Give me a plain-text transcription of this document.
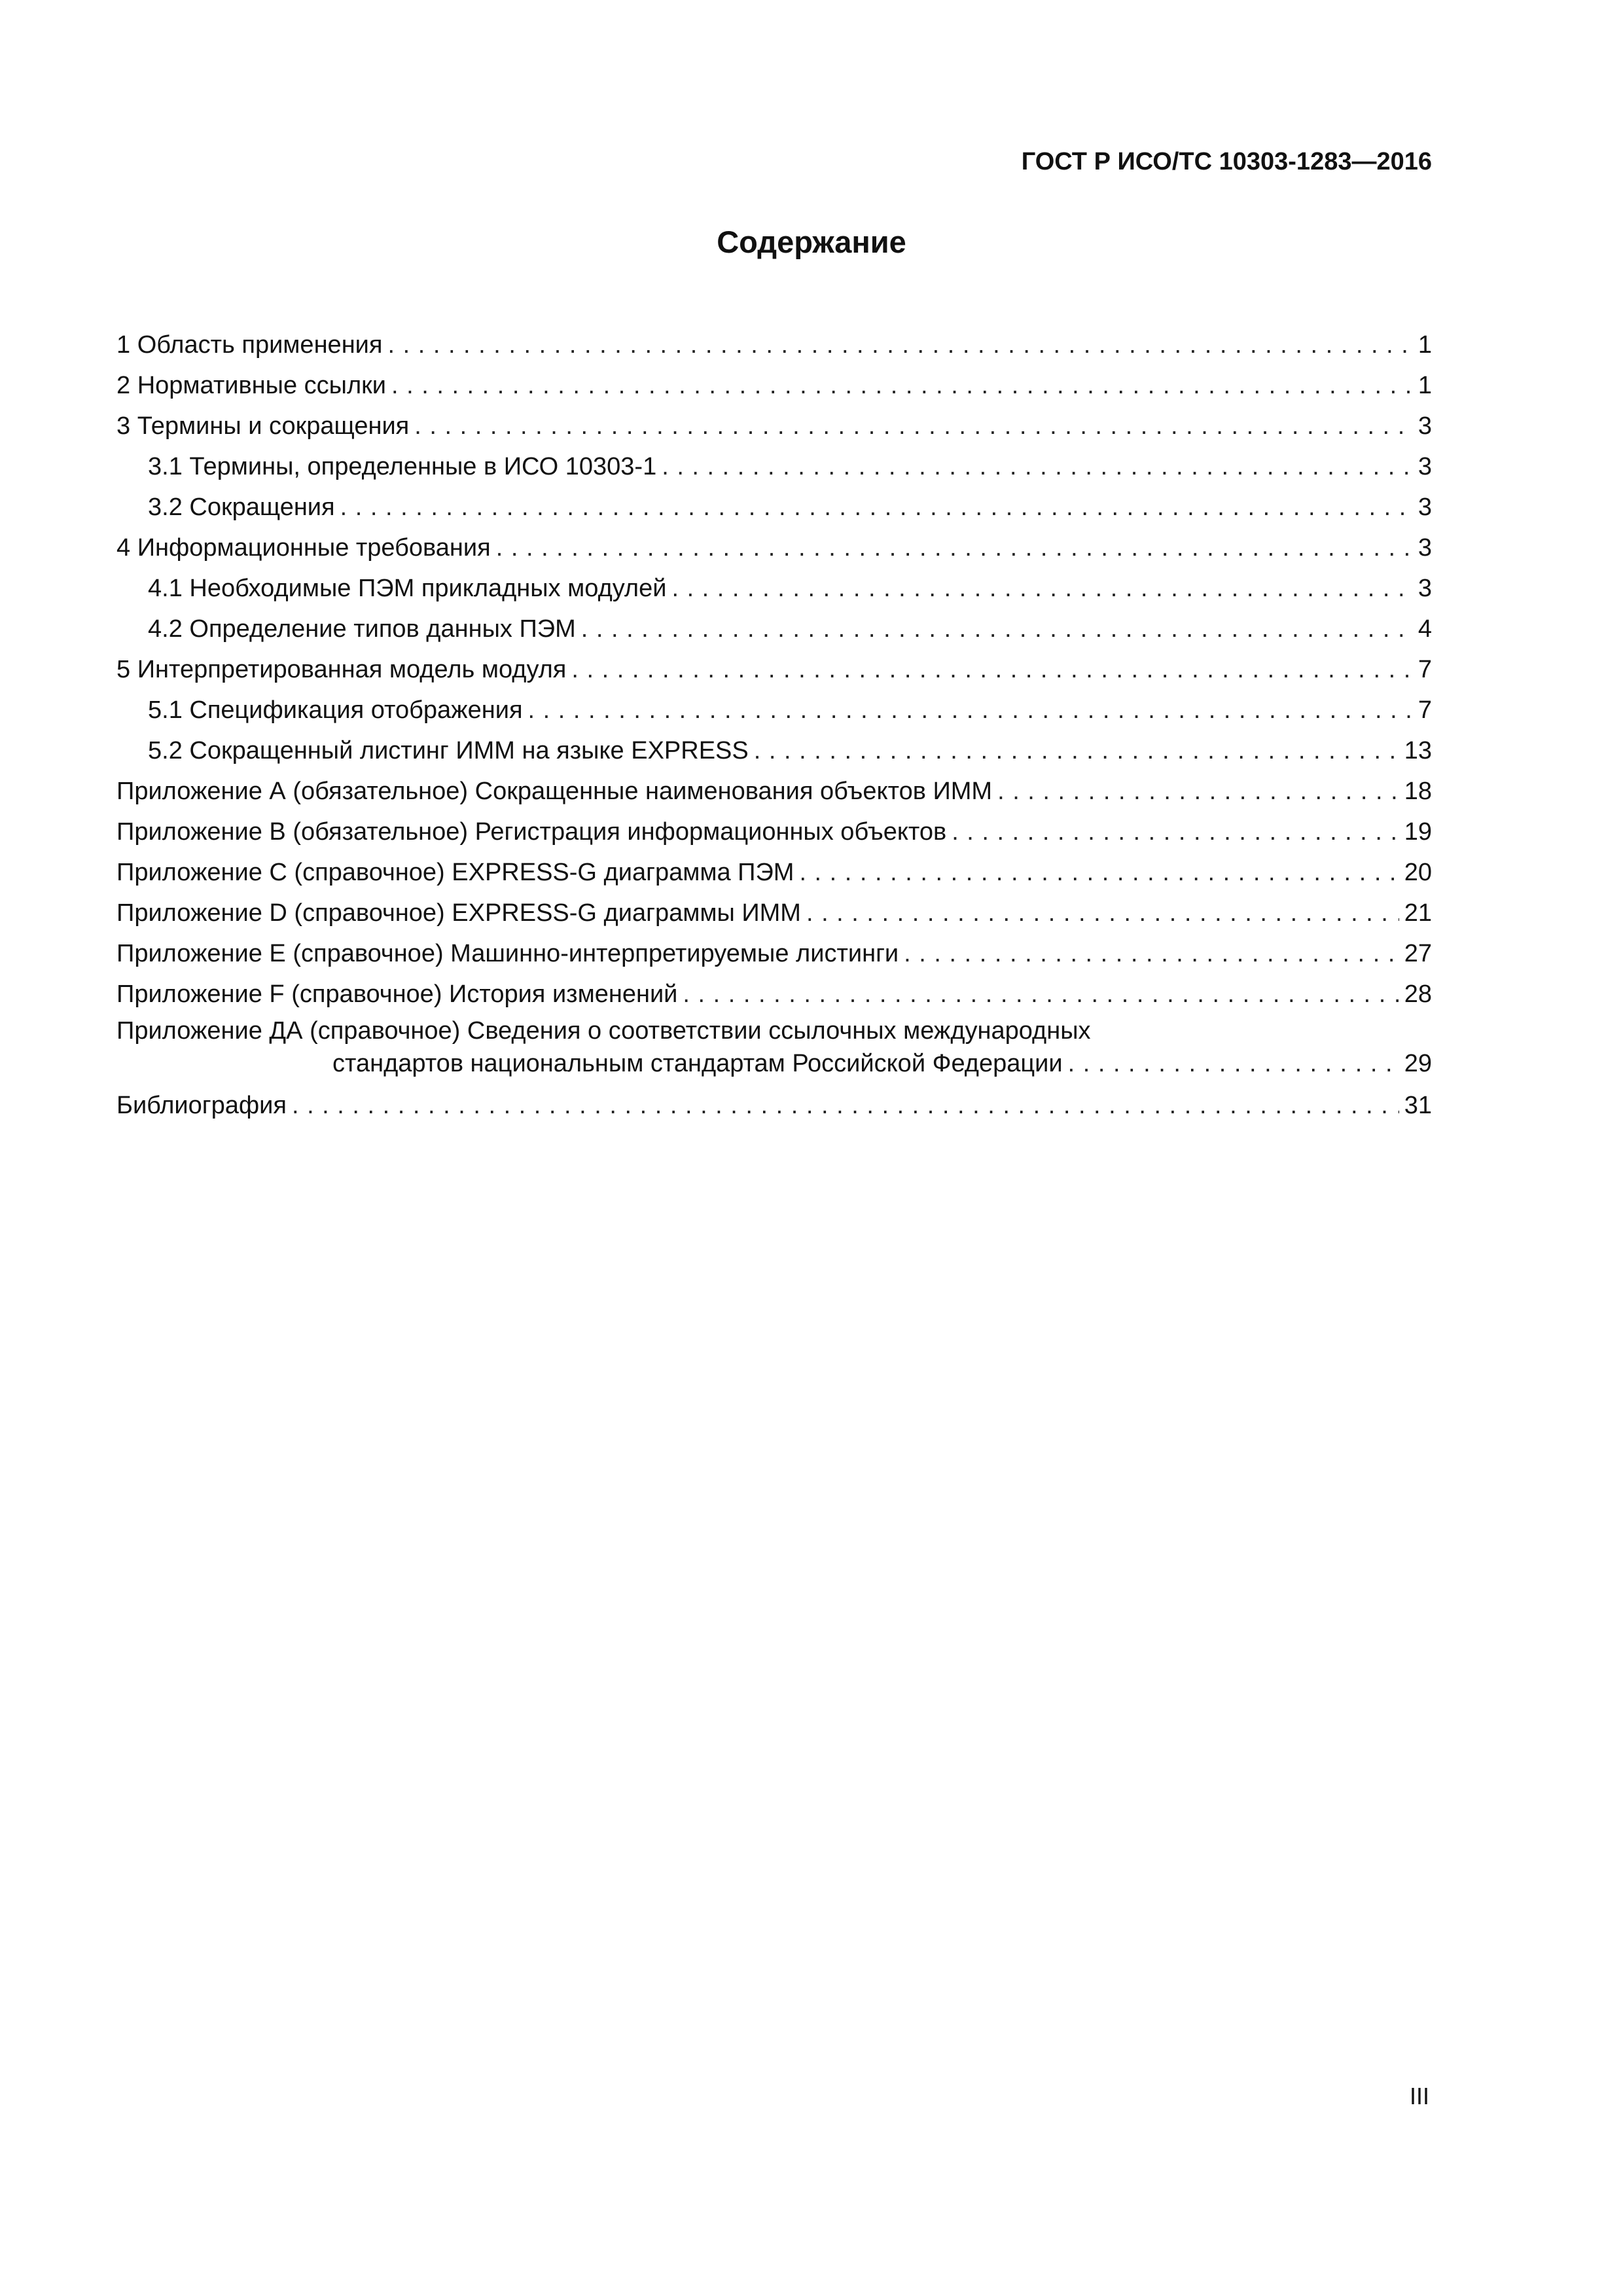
ГОСТ Р ИСО/ТС 10303-1283—2016
Содержание
1 Область применения . . .	1
2 Нормативные ссылки . . .	1
3 Термины и сокращения . . .	3
3.1 Термины, определенные в ИСО 10303-1 . . .	3
3.2 Сокращения . . .	3
4 Информационные требования . . .	3
4.1 Необходимые ПЭМ прикладных модулей . . .	3
4.2 Определение типов данных ПЭМ . . .	4
5 Интерпретированная модель модуля . . .	7
5.1 Спецификация отображения . . .	7
5.2 Сокращенный листинг ИММ на языке EXPRESS . . .	13
Приложение А (обязательное) Сокращенные наименования объектов ИММ . . .	18
Приложение В (обязательное) Регистрация информационных объектов . . .	19
Приложение С (справочное) EXPRESS-G диаграмма ПЭМ . . .	20
Приложение D (справочное) EXPRESS-G диаграммы ИММ . . .	21
Приложение E (справочное) Машинно-интерпретируемые листинги . . .	27
Приложение F (справочное) История изменений . . .	28
Приложение ДА (справочное) Сведения о соответствии ссылочных международных
стандартов национальным стандартам Российской Федерации . . .	29
Библиография . . .	31
III
